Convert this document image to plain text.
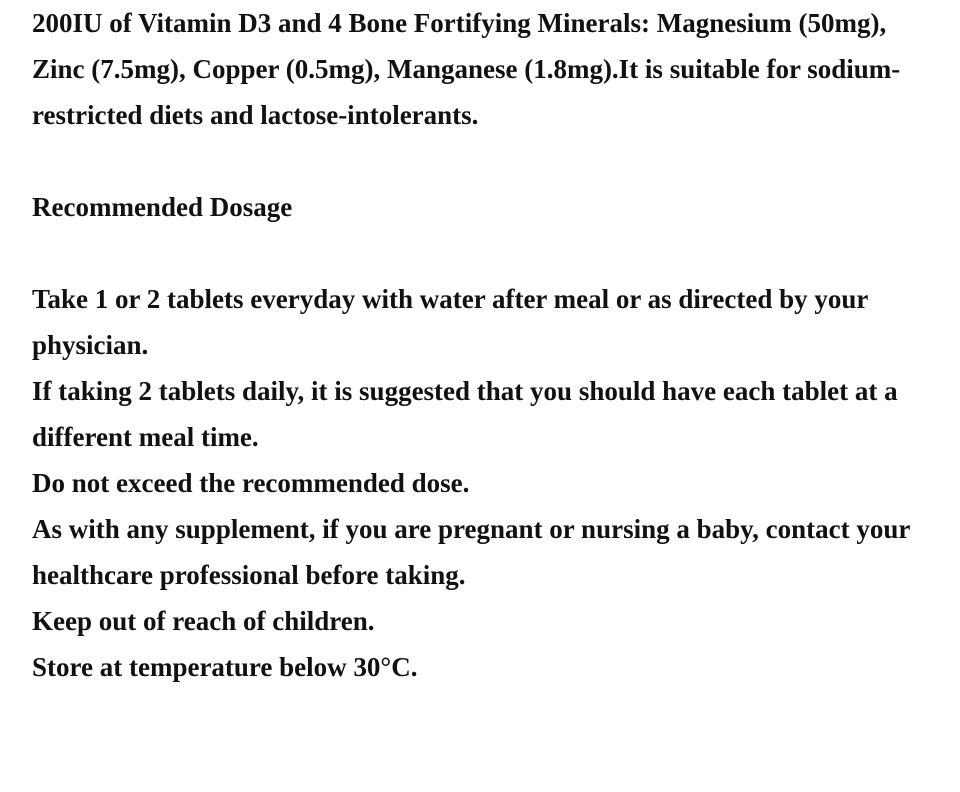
200IU of Vitamin D3 and 4 Bone Fortifying Minerals: Magnesium (50mg), Zinc (7.5mg), Copper (0.5mg), Manganese (1.8mg).It is suitable for sodium-restricted diets and lactose-intolerants.

Recommended Dosage

Take 1 or 2 tablets everyday with water after meal or as directed by your physician.

If taking 2 tablets daily, it is suggested that you should have each tablet at a different meal time.

Do not exceed the recommended dose.

As with any supplement, if you are pregnant or nursing a baby, contact your healthcare professional before taking.

Keep out of reach of children.

Store at temperature below 30°C.
